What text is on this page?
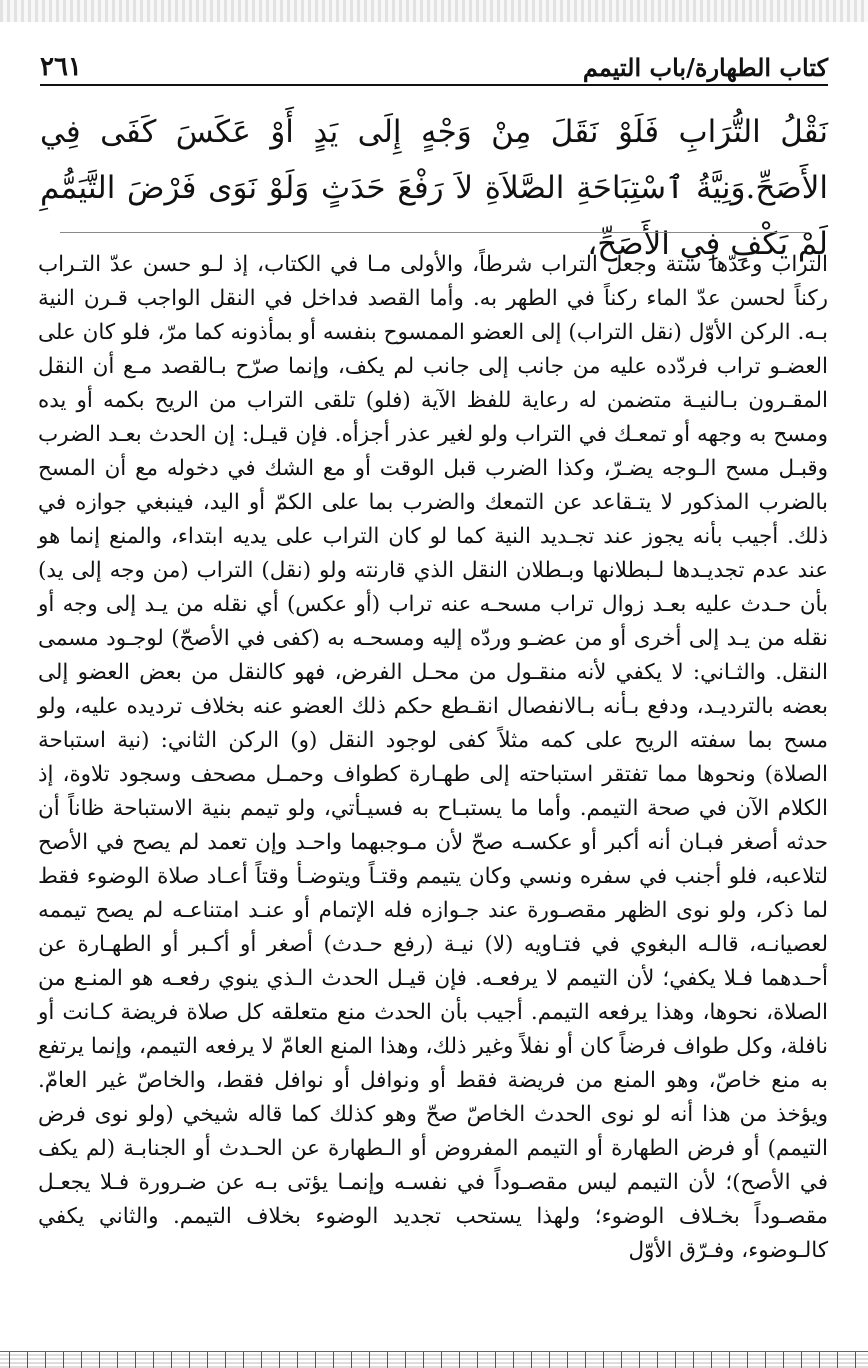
كتاب الطهارة/باب التيمم
٢٦١

نَقْلُ التُّرَابِ فَلَوْ نَقَلَ مِنْ وَجْهٍ إِلَى يَدٍ أَوْ عَكَسَ كَفَى فِي الأَصَحِّ.وَنِيَّةُ ٱسْتِبَاحَةِ الصَّلاَةِ لاَ رَفْعَ حَدَثٍ وَلَوْ نَوَى فَرْضَ التَّيَمُّمِ لَمْ يَكْفِ فِي الأَصَحِّ،

التراب وعدّها ستة وجعل التراب شرطاً، والأولى مـا في الكتاب، إذ لـو حسن عدّ التـراب ركناً لحسن عدّ الماء ركناً في الطهر به. وأما القصد فداخل في النقل الواجب قـرن النية بـه. الركن الأوّل (نقل التراب) إلى العضو الممسوح بنفسه أو بمأذونه كما مرّ، فلو كان على العضـو تراب فردّده عليه من جانب إلى جانب لم يكف، وإنما صرّح بـالقصد مـع أن النقل المقـرون بـالنيـة متضمن له رعاية للفظ الآية (فلو) تلقى التراب من الريح بكمه أو يده ومسح به وجهه أو تمعـك في التراب ولو لغير عذر أجزأه. فإن قيـل: إن الحدث بعـد الضرب وقبـل مسح الـوجه يضـرّ، وكذا الضرب قبل الوقت أو مع الشك في دخوله مع أن المسح بالضرب المذكور لا يتـقاعد عن التمعك والضرب بما على الكمّ أو اليد، فينبغي جوازه في ذلك. أجيب بأنه يجوز عند تجـديد النية كما لو كان التراب على يديه ابتداء، والمنع إنما هو عند عدم تجديـدها لـبطلانها وبـطلان النقل الذي قارنته ولو (نقل) التراب (من وجه إلى يد) بأن حـدث عليه بعـد زوال تراب مسحـه عنه تراب (أو عكس) أي نقله من يـد إلى وجه أو نقله من يـد إلى أخرى أو من عضـو وردّه إليه ومسحـه به (كفى في الأصحّ) لوجـود مسمى النقل. والثـاني: لا يكفي لأنه منقـول من محـل الفرض، فهو كالنقل من بعض العضو إلى بعضه بالترديـد، ودفع بـأنه بـالانفصال انقـطع حكم ذلك العضو عنه بخلاف ترديده عليه، ولو مسح بما سفته الريح على كمه مثلاً كفى لوجود النقل (و) الركن الثاني: (نية استباحة الصلاة) ونحوها مما تفتقر استباحته إلى طهـارة كطواف وحمـل مصحف وسجود تلاوة، إذ الكلام الآن في صحة التيمم. وأما ما يستبـاح به فسيـأتي، ولو تيمم بنية الاستباحة ظاناً أن حدثه أصغر فبـان أنه أكبر أو عكسـه صحّ لأن مـوجبهما واحـد وإن تعمد لم يصح في الأصح لتلاعبه، فلو أجنب في سفره ونسي وكان يتيمم وقتـاً ويتوضـأ وقتاً أعـاد صلاة الوضوء فقط لما ذكر، ولو نوى الظهر مقصـورة عند جـوازه فله الإتمام أو عنـد امتناعـه لم يصح تيممه لعصيانـه، قالـه البغوي في فتـاويه (لا) نيـة (رفع حـدث) أصغر أو أكـبر أو الطهـارة عن أحـدهما فـلا يكفي؛ لأن التيمم لا يرفعـه. فإن قيـل الحدث الـذي ينوي رفعـه هو المنـع من الصلاة، نحوها، وهذا يرفعه التيمم. أجيب بأن الحدث منع متعلقه كل صلاة فريضة كـانت أو نافلة، وكل طواف فرضاً كان أو نفلاً وغير ذلك، وهذا المنع العامّ لا يرفعه التيمم، وإنما يرتفع به منع خاصّ، وهو المنع من فريضة فقط أو ونوافل أو نوافل فقط، والخاصّ غير العامّ. ويؤخذ من هذا أنه لو نوى الحدث الخاصّ صحّ وهو كذلك كما قاله شيخي (ولو نوى فرض التيمم) أو فرض الطهارة أو التيمم المفروض أو الـطهارة عن الحـدث أو الجنابـة (لم يكف في الأصح)؛ لأن التيمم ليس مقصـوداً في نفسـه وإنمـا يؤتى بـه عن ضـرورة فـلا يجعـل مقصـوداً بخـلاف الوضوء؛ ولهذا يستحب تجديد الوضوء بخلاف التيمم. والثاني يكفي كالـوضوء، وفـرّق الأوّل
